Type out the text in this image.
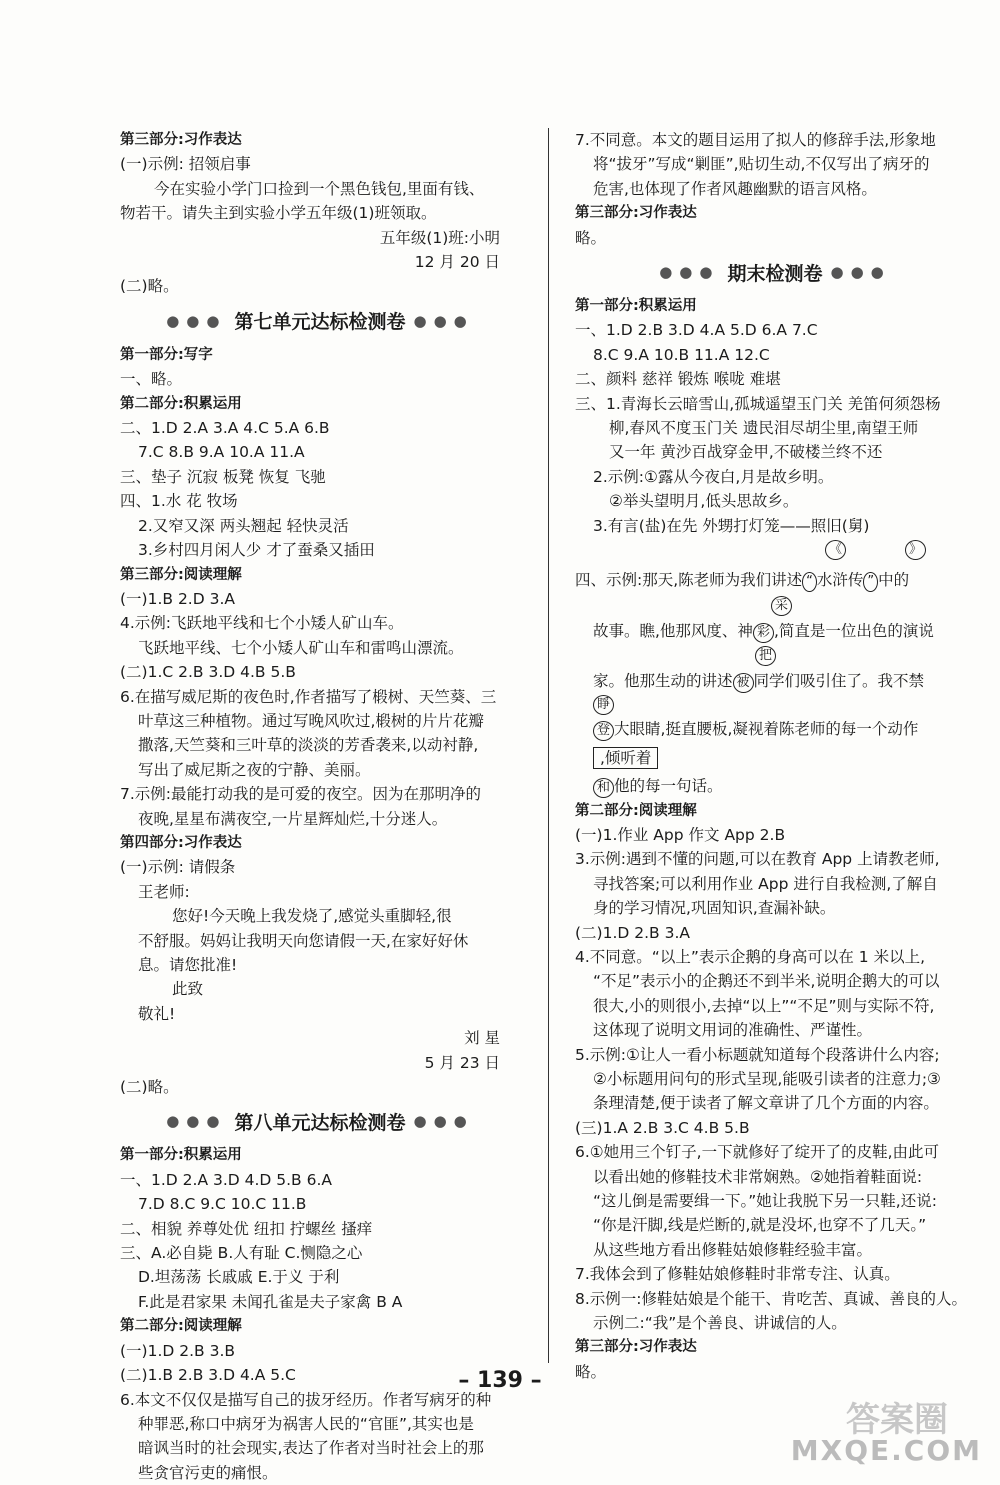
第三部分:习作表达
(一)示例: 招领启事
今在实验小学门口捡到一个黑色钱包,里面有钱、
物若干。请失主到实验小学五年级(1)班领取。
五年级(1)班:小明
12 月 20 日
(二)略。
●●● 第七单元达标检测卷 ●●●
第一部分:写字
一、略。
第二部分:积累运用
二、1.D 2.A 3.A 4.C 5.A 6.B
7.C 8.B 9.A 10.A 11.A
三、垫子 沉寂 板凳 恢复 飞驰
四、1.水 花 牧场
2.又窄又深 两头翘起 轻快灵活
3.乡村四月闲人少 才了蚕桑又插田
第三部分:阅读理解
(一)1.B 2.D 3.A
4.示例:飞跃地平线和七个小矮人矿山车。
飞跃地平线、七个小矮人矿山车和雷鸣山漂流。
(二)1.C 2.B 3.D 4.B 5.B
6.在描写威尼斯的夜色时,作者描写了椴树、天竺葵、三
叶草这三种植物。通过写晚风吹过,椴树的片片花瓣
撒落,天竺葵和三叶草的淡淡的芳香袭来,以动衬静,
写出了威尼斯之夜的宁静、美丽。
7.示例:最能打动我的是可爱的夜空。因为在那明净的
夜晚,星星布满夜空,一片星辉灿烂,十分迷人。
第四部分:习作表达
(一)示例: 请假条
王老师:
您好!今天晚上我发烧了,感觉头重脚轻,很
不舒服。妈妈让我明天向您请假一天,在家好好休
息。请您批准!
此致
敬礼!
刘 星
5 月 23 日
(二)略。
●●● 第八单元达标检测卷 ●●●
第一部分:积累运用
一、1.D 2.A 3.D 4.D 5.B 6.A
7.D 8.C 9.C 10.C 11.B
二、相貌 养尊处优 纽扣 拧螺丝 搔痒
三、A.必自毙 B.人有耻 C.恻隐之心
D.坦荡荡 长戚戚 E.于义 于利
F.此是君家果 未闻孔雀是夫子家禽 B A
第二部分:阅读理解
(一)1.D 2.B 3.B
(二)1.B 2.B 3.D 4.A 5.C
6.本文不仅仅是描写自己的拔牙经历。作者写病牙的种
种罪恶,称口中病牙为祸害人民的“官匪”,其实也是
暗讽当时的社会现实,表达了作者对当时社会上的那
些贪官污吏的痛恨。
7.不同意。本文的题目运用了拟人的修辞手法,形象地
将“拔牙”写成“剿匪”,贴切生动,不仅写出了病牙的
危害,也体现了作者风趣幽默的语言风格。
第三部分:习作表达
略。
●●● 期末检测卷 ●●●
第一部分:积累运用
一、1.D 2.B 3.D 4.A 5.D 6.A 7.C
8.C 9.A 10.B 11.A 12.C
二、颜料 慈祥 锻炼 喉咙 难堪
三、1.青海长云暗雪山,孤城遥望玉门关 羌笛何须怨杨
柳,春风不度玉门关 遗民泪尽胡尘里,南望王师
又一年 黄沙百战穿金甲,不破楼兰终不还
2.示例:①露从今夜白,月是故乡明。
②举头望明月,低头思故乡。
3.有言(盐)在先 外甥打灯笼——照旧(舅)
《	》
四、示例:那天,陈老师为我们讲述 “ 水浒传 ” 中的
采
故事。瞧,他那风度、神 彩 ,简直是一位出色的演说
把
家。他那生动的讲述 被 同学们吸引住了。我不禁
睜
登 大眼睛,挺直腰板,凝视着陈老师的每一个动作
,倾听着
和 他的每一句话。
第二部分:阅读理解
(一)1.作业 App 作文 App 2.B
3.示例:遇到不懂的问题,可以在教育 App 上请教老师,
寻找答案;可以利用作业 App 进行自我检测,了解自
身的学习情况,巩固知识,查漏补缺。
(二)1.D 2.B 3.A
4.不同意。“以上”表示企鹅的身高可以在 1 米以上,
“不足”表示小的企鹅还不到半米,说明企鹅大的可以
很大,小的则很小,去掉“以上”“不足”则与实际不符,
这体现了说明文用词的准确性、严谨性。
5.示例:①让人一看小标题就知道每个段落讲什么内容;
②小标题用问句的形式呈现,能吸引读者的注意力;③
条理清楚,便于读者了解文章讲了几个方面的内容。
(三)1.A 2.B 3.C 4.B 5.B
6.①她用三个钉子,一下就修好了绽开了的皮鞋,由此可
以看出她的修鞋技术非常娴熟。②她指着鞋面说:
“这儿倒是需要缉一下。”她让我脱下另一只鞋,还说:
“你是汗脚,线是烂断的,就是没坏,也穿不了几天。”
从这些地方看出修鞋姑娘修鞋经验丰富。
7.我体会到了修鞋姑娘修鞋时非常专注、认真。
8.示例一:修鞋姑娘是个能干、肯吃苦、真诚、善良的人。
示例二:“我”是个善良、讲诚信的人。
第三部分:习作表达
略。
– 139 –
答案圈
MXQE.COM
